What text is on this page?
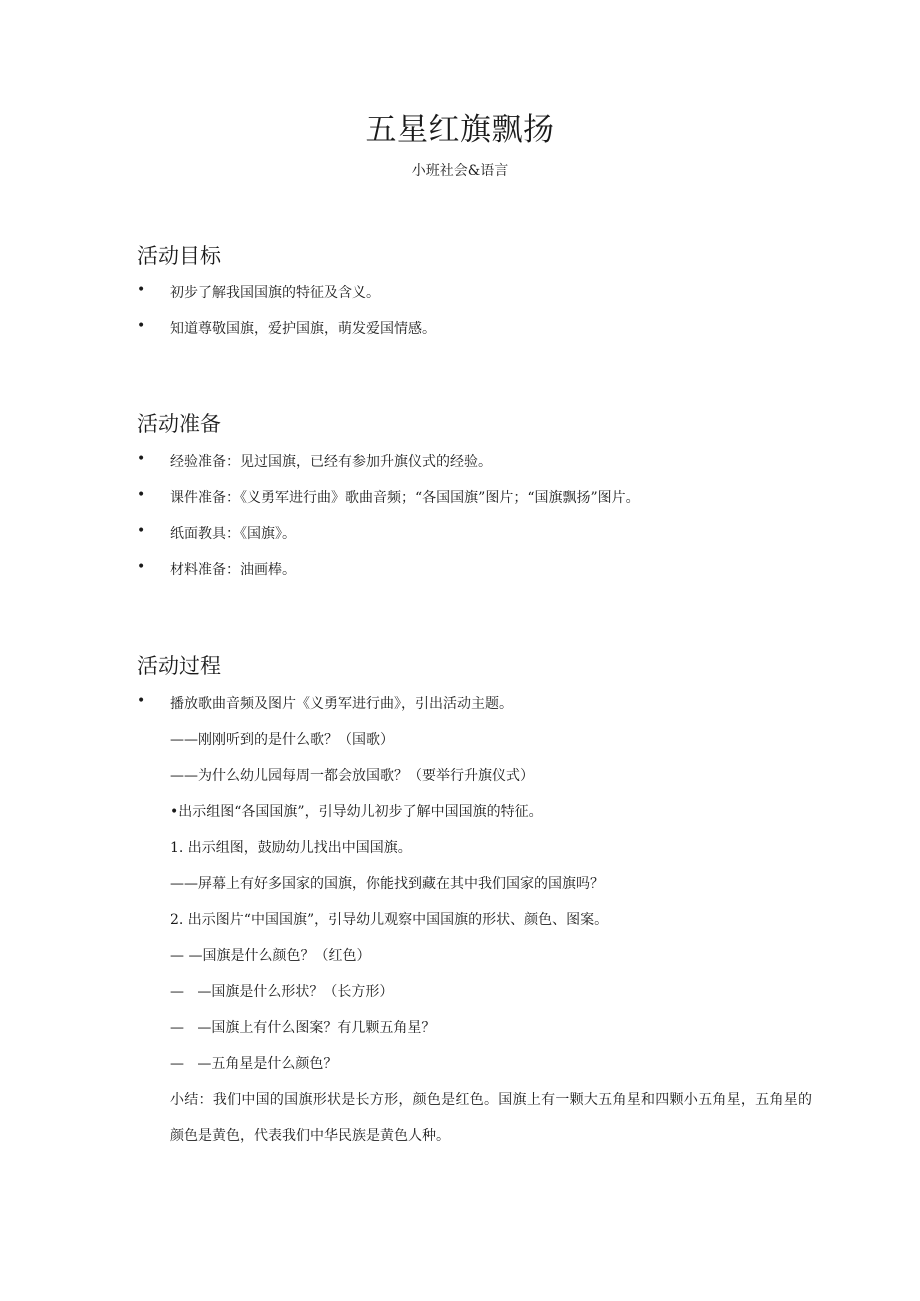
五星红旗飘扬
小班社会&语言
活动目标
• 初步了解我国国旗的特征及含义。
• 知道尊敬国旗，爱护国旗，萌发爱国情感。
活动准备
• 经验准备：见过国旗，已经有参加升旗仪式的经验。
• 课件准备：《义勇军进行曲》歌曲音频；“各国国旗”图片；“国旗飘扬”图片。
• 纸面教具：《国旗》。
• 材料准备：油画棒。
活动过程
• 播放歌曲音频及图片《义勇军进行曲》，引出活动主题。
——刚刚听到的是什么歌？（国歌）
——为什么幼儿园每周一都会放国歌？（要举行升旗仪式）
•出示组图“各国国旗”，引导幼儿初步了解中国国旗的特征。
1. 出示组图，鼓励幼儿找出中国国旗。
——屏幕上有好多国家的国旗，你能找到藏在其中我们国家的国旗吗？
2. 出示图片“中国国旗”，引导幼儿观察中国国旗的形状、颜色、图案。
— —国旗是什么颜色？（红色）
—   —国旗是什么形状？（长方形）
—   —国旗上有什么图案？有几颗五角星？
—   —五角星是什么颜色？
小结：我们中国的国旗形状是长方形，颜色是红色。国旗上有一颗大五角星和四颗小五角星，五角星的颜色是黄色，代表我们中华民族是黄色人种。
